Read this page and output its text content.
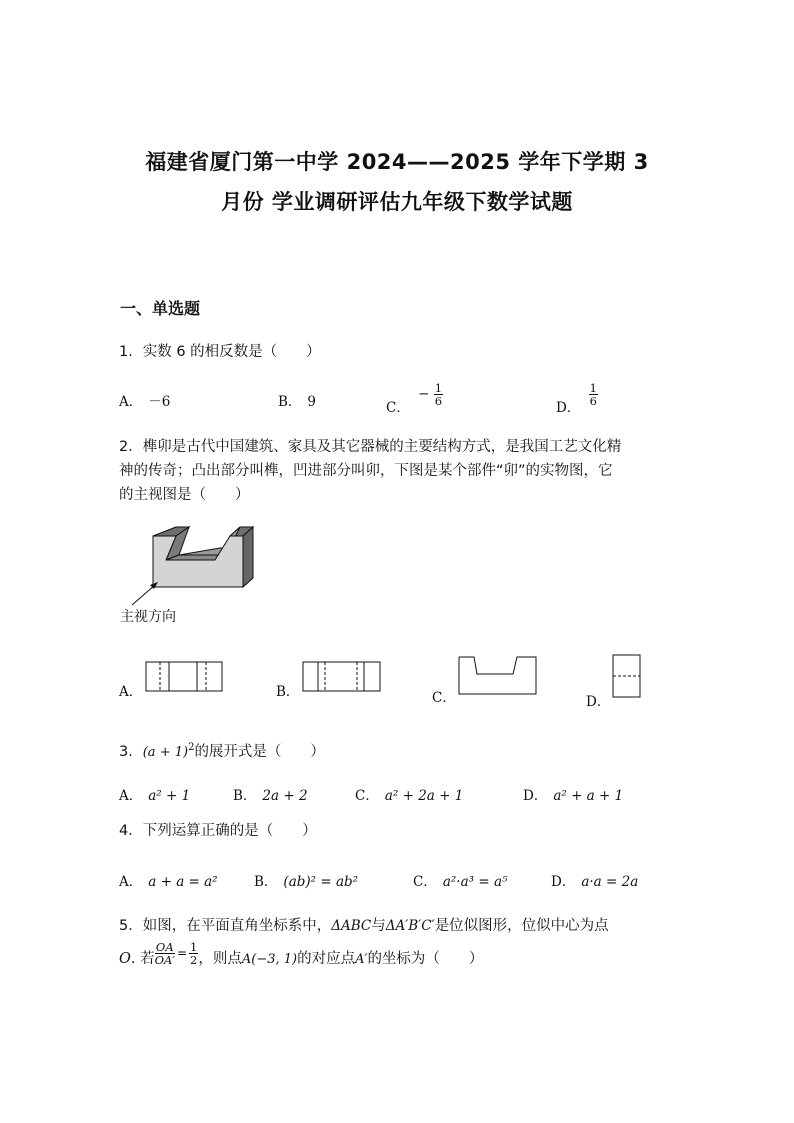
福建省厦门第一中学 2024——2025 学年下学期 3
月份 学业调研评估九年级下数学试题
一、单选题
1．实数 6 的相反数是（　　）
A． －6	B． 9	C． − $\frac{1}{6}$
D．
$\frac{1}{6}$
2．榫卯是古代中国建筑、家具及其它器械的主要结构方式，是我国工艺文化精
神的传奇；凸出部分叫榫，凹进部分叫卯，下图是某个部件“卯”的实物图，它
的主视图是（　　）
主视方向
A．	B．	C．	D．
3．$(a + 1)^2$的展开式是（　　）
A． a² + 1	B． 2a + 2	C． a² + 2a + 1	D． a² + a + 1
4．下列运算正确的是（　　）
A． a + a = a²	B． (ab)² = ab²	C． a²·a³ = a⁵	D． a·a = 2a
5．如图，在平面直角坐标系中，ΔABC与ΔA′B′C′是位似图形，位似中心为点
O. 若 $\frac{OA}{OA'} ^= \frac{1}{2}$ ，则点A(−3, 1)的对应点A′的坐标为（　　）
